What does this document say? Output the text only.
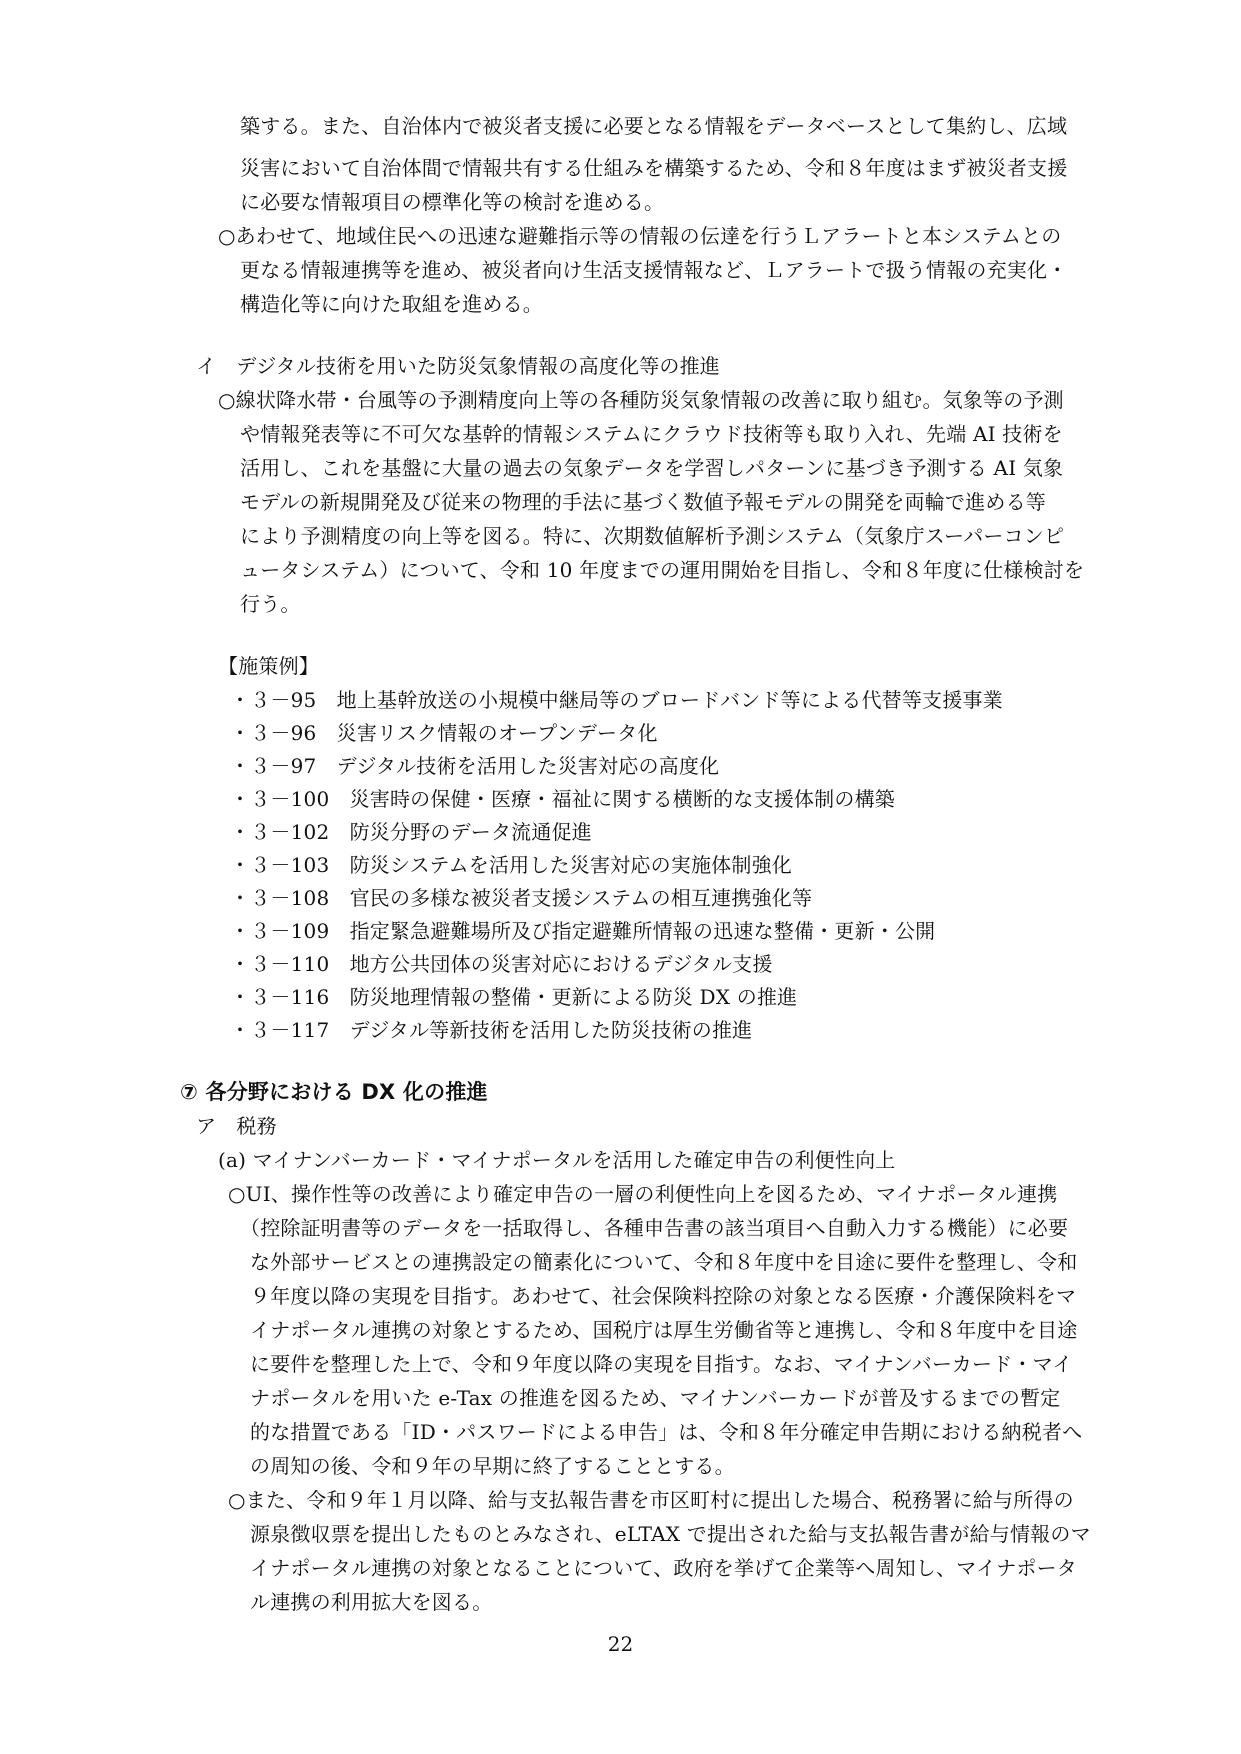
築する。また、自治体内で被災者支援に必要となる情報をデータベースとして集約し、広域
災害において自治体間で情報共有する仕組みを構築するため、令和８年度はまず被災者支援
に必要な情報項目の標準化等の検討を進める。
○あわせて、地域住民への迅速な避難指示等の情報の伝達を行うＬアラートと本システムとの
更なる情報連携等を進め、被災者向け生活支援情報など、Ｌアラートで扱う情報の充実化・
構造化等に向けた取組を進める。
イ　デジタル技術を用いた防災気象情報の高度化等の推進
○線状降水帯・台風等の予測精度向上等の各種防災気象情報の改善に取り組む。気象等の予測
や情報発表等に不可欠な基幹的情報システムにクラウド技術等も取り入れ、先端 AI 技術を
活用し、これを基盤に大量の過去の気象データを学習しパターンに基づき予測する AI 気象
モデルの新規開発及び従来の物理的手法に基づく数値予報モデルの開発を両輪で進める等
により予測精度の向上等を図る。特に、次期数値解析予測システム（気象庁スーパーコンピ
ュータシステム）について、令和 10 年度までの運用開始を目指し、令和８年度に仕様検討を
行う。
【施策例】
・３－95　地上基幹放送の小規模中継局等のブロードバンド等による代替等支援事業
・３－96　災害リスク情報のオープンデータ化
・３－97　デジタル技術を活用した災害対応の高度化
・３－100　災害時の保健・医療・福祉に関する横断的な支援体制の構築
・３－102　防災分野のデータ流通促進
・３－103　防災システムを活用した災害対応の実施体制強化
・３－108　官民の多様な被災者支援システムの相互連携強化等
・３－109　指定緊急避難場所及び指定避難所情報の迅速な整備・更新・公開
・３－110　地方公共団体の災害対応におけるデジタル支援
・３－116　防災地理情報の整備・更新による防災 DX の推進
・３－117　デジタル等新技術を活用した防災技術の推進
⑦ 各分野における DX 化の推進
ア　税務
(a) マイナンバーカード・マイナポータルを活用した確定申告の利便性向上
○UI、操作性等の改善により確定申告の一層の利便性向上を図るため、マイナポータル連携
（控除証明書等のデータを一括取得し、各種申告書の該当項目へ自動入力する機能）に必要
な外部サービスとの連携設定の簡素化について、令和８年度中を目途に要件を整理し、令和
９年度以降の実現を目指す。あわせて、社会保険料控除の対象となる医療・介護保険料をマ
イナポータル連携の対象とするため、国税庁は厚生労働省等と連携し、令和８年度中を目途
に要件を整理した上で、令和９年度以降の実現を目指す。なお、マイナンバーカード・マイ
ナポータルを用いた e-Tax の推進を図るため、マイナンバーカードが普及するまでの暫定
的な措置である「ID・パスワードによる申告」は、令和８年分確定申告期における納税者へ
の周知の後、令和９年の早期に終了することとする。
○また、令和９年１月以降、給与支払報告書を市区町村に提出した場合、税務署に給与所得の
源泉徴収票を提出したものとみなされ、eLTAX で提出された給与支払報告書が給与情報のマ
イナポータル連携の対象となることについて、政府を挙げて企業等へ周知し、マイナポータ
ル連携の利用拡大を図る。
22
